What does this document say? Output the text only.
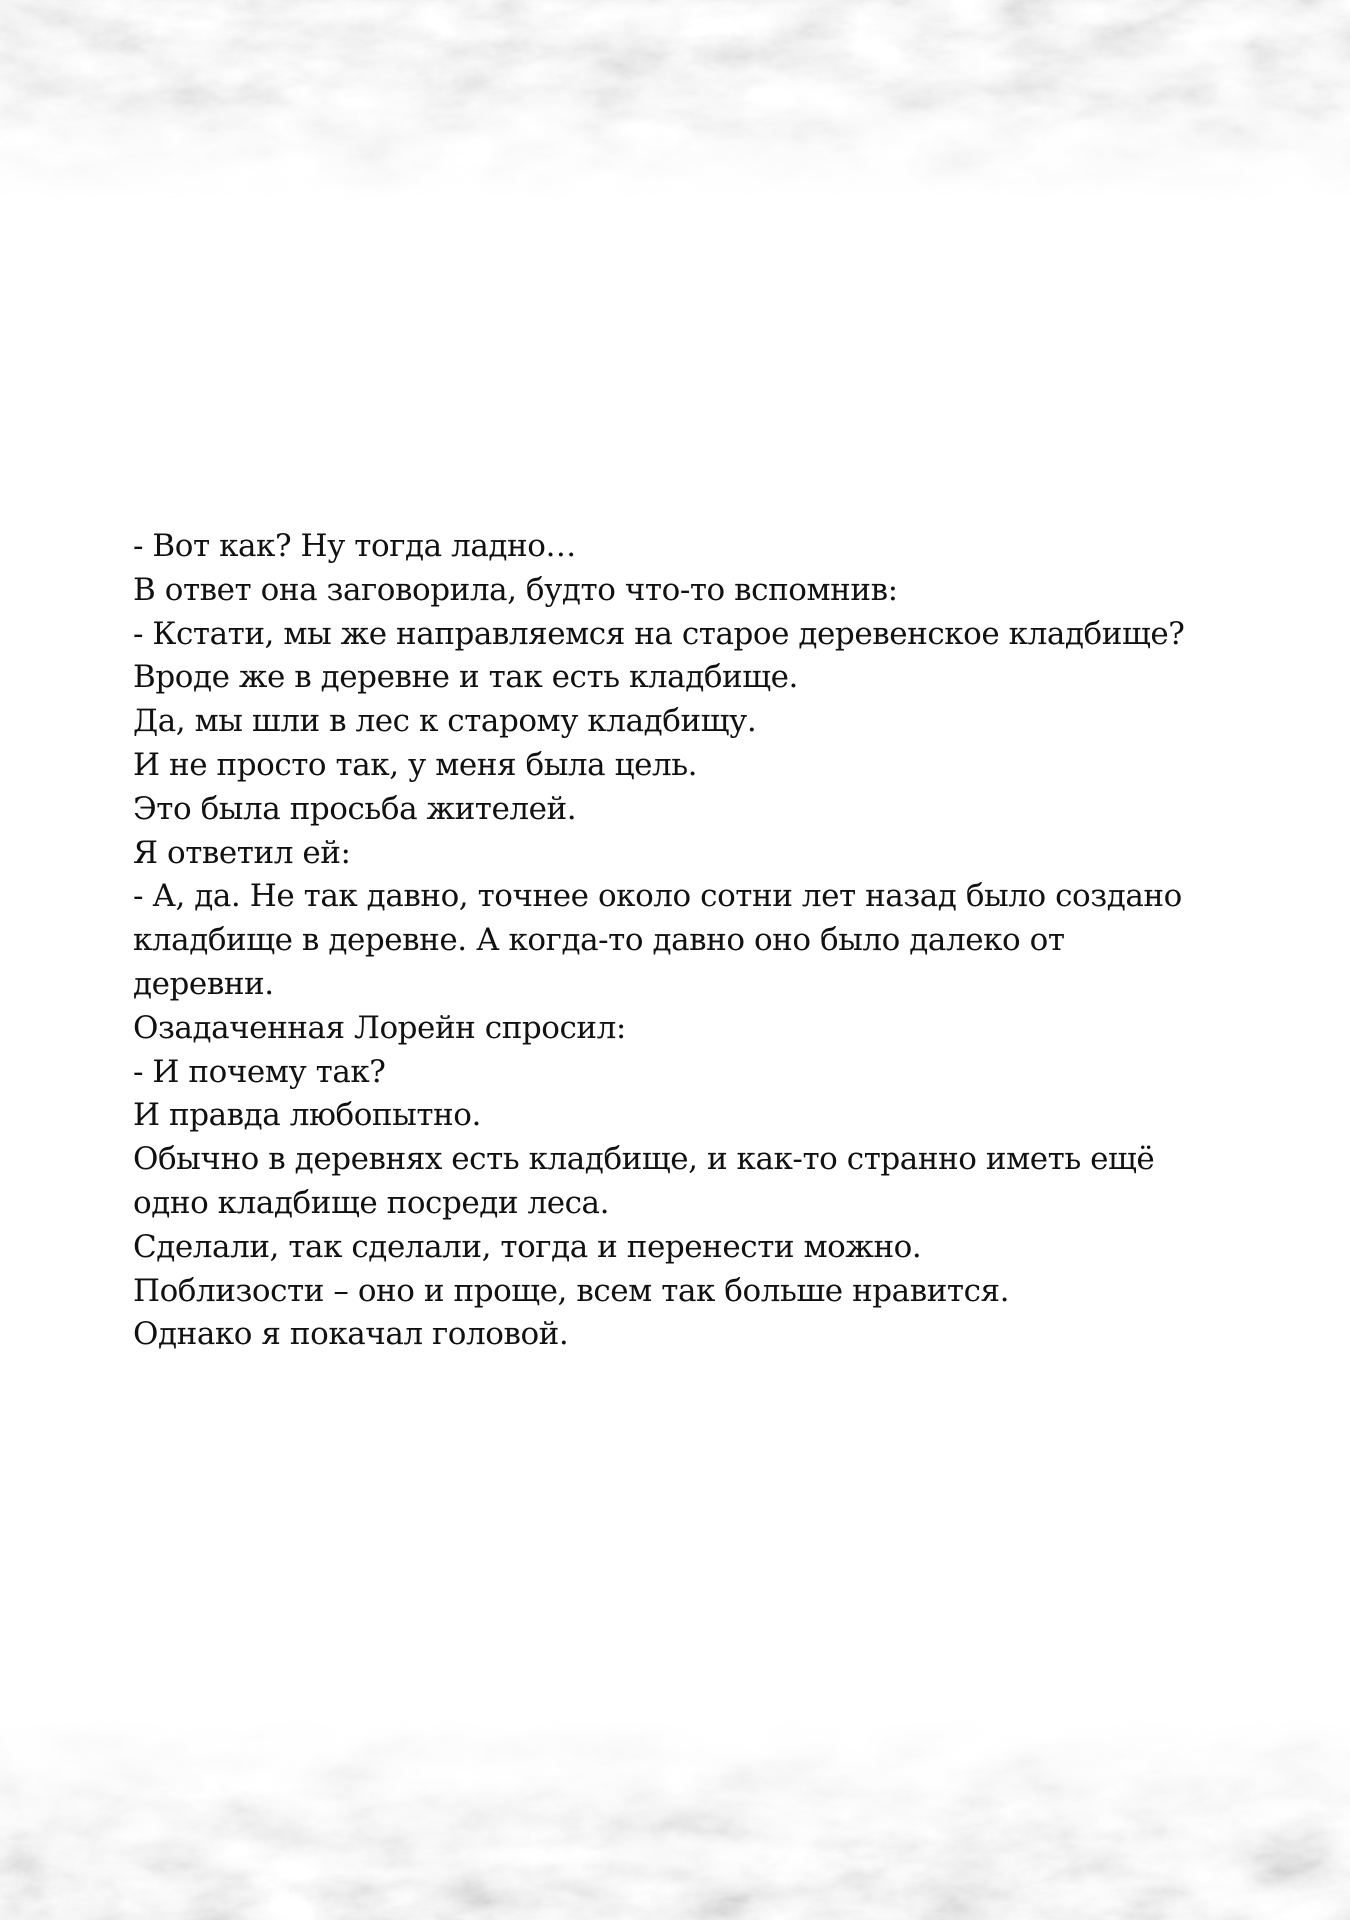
- Вот как? Ну тогда ладно…
В ответ она заговорила, будто что-то вспомнив:
- Кстати, мы же направляемся на старое деревенское кладбище?
Вроде же в деревне и так есть кладбище.
Да, мы шли в лес к старому кладбищу.
И не просто так, у меня была цель.
Это была просьба жителей.
Я ответил ей:
- А, да. Не так давно, точнее около сотни лет назад было создано
кладбище в деревне. А когда-то давно оно было далеко от
деревни.
Озадаченная Лорейн спросил:
- И почему так?
И правда любопытно.
Обычно в деревнях есть кладбище, и как-то странно иметь ещё
одно кладбище посреди леса.
Сделали, так сделали, тогда и перенести можно.
Поблизости – оно и проще, всем так больше нравится.
Однако я покачал головой.
